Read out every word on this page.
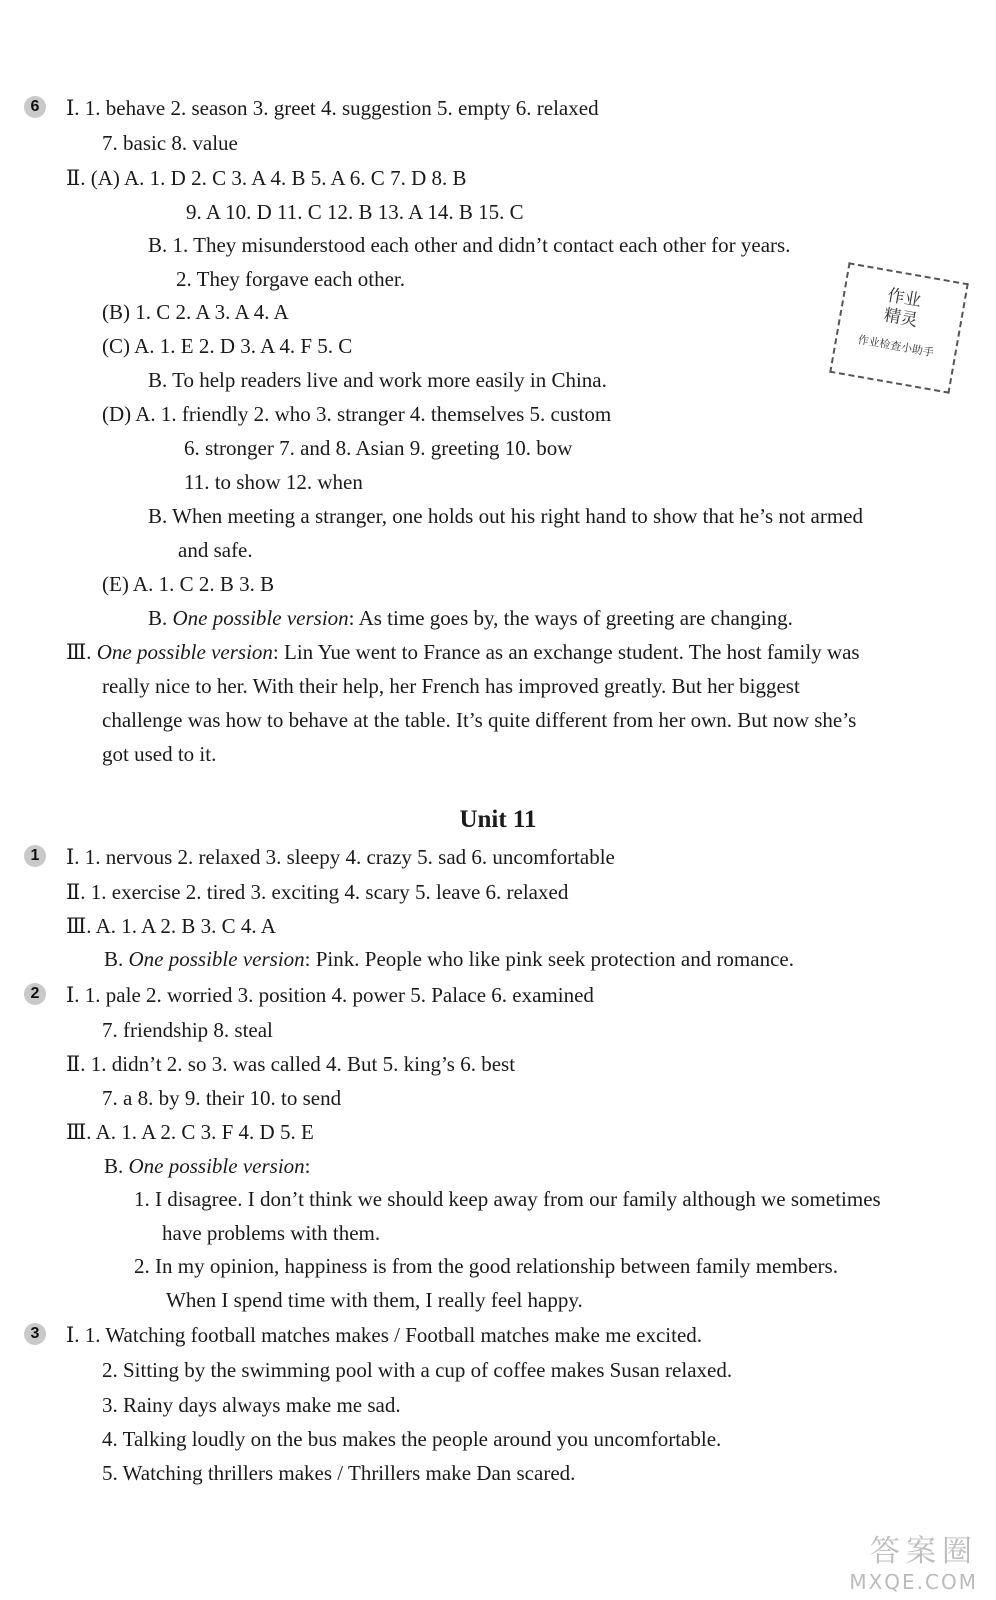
6	Ⅰ. 1. behave 2. season 3. greet 4. suggestion 5. empty 6. relaxed
7. basic 8. value
Ⅱ. (A) A. 1. D 2. C 3. A 4. B 5. A 6. C 7. D 8. B
9. A 10. D 11. C 12. B 13. A 14. B 15. C
B. 1. They misunderstood each other and didn’t contact each other for years.
2. They forgave each other.
(B) 1. C 2. A 3. A 4. A
(C) A. 1. E 2. D 3. A 4. F 5. C
B. To help readers live and work more easily in China.
(D) A. 1. friendly 2. who 3. stranger 4. themselves 5. custom
6. stronger 7. and 8. Asian 9. greeting 10. bow
11. to show 12. when
B. When meeting a stranger, one holds out his right hand to show that he’s not armed
and safe.
(E) A. 1. C 2. B 3. B
B. One possible version: As time goes by, the ways of greeting are changing.
Ⅲ. One possible version: Lin Yue went to France as an exchange student. The host family was
really nice to her. With their help, her French has improved greatly. But her biggest
challenge was how to behave at the table. It’s quite different from her own. But now she’s
got used to it.
作业
精灵
作业检查小助手
Unit 11
1	Ⅰ. 1. nervous 2. relaxed 3. sleepy 4. crazy 5. sad 6. uncomfortable
Ⅱ. 1. exercise 2. tired 3. exciting 4. scary 5. leave 6. relaxed
Ⅲ. A. 1. A 2. B 3. C 4. A
B. One possible version: Pink. People who like pink seek protection and romance.
2	Ⅰ. 1. pale 2. worried 3. position 4. power 5. Palace 6. examined
7. friendship 8. steal
Ⅱ. 1. didn’t 2. so 3. was called 4. But 5. king’s 6. best
7. a 8. by 9. their 10. to send
Ⅲ. A. 1. A 2. C 3. F 4. D 5. E
B. One possible version:
1. I disagree. I don’t think we should keep away from our family although we sometimes
have problems with them.
2. In my opinion, happiness is from the good relationship between family members.
When I spend time with them, I really feel happy.
3	Ⅰ. 1. Watching football matches makes / Football matches make me excited.
2. Sitting by the swimming pool with a cup of coffee makes Susan relaxed.
3. Rainy days always make me sad.
4. Talking loudly on the bus makes the people around you uncomfortable.
5. Watching thrillers makes / Thrillers make Dan scared.
答案圈
MXQE.COM
